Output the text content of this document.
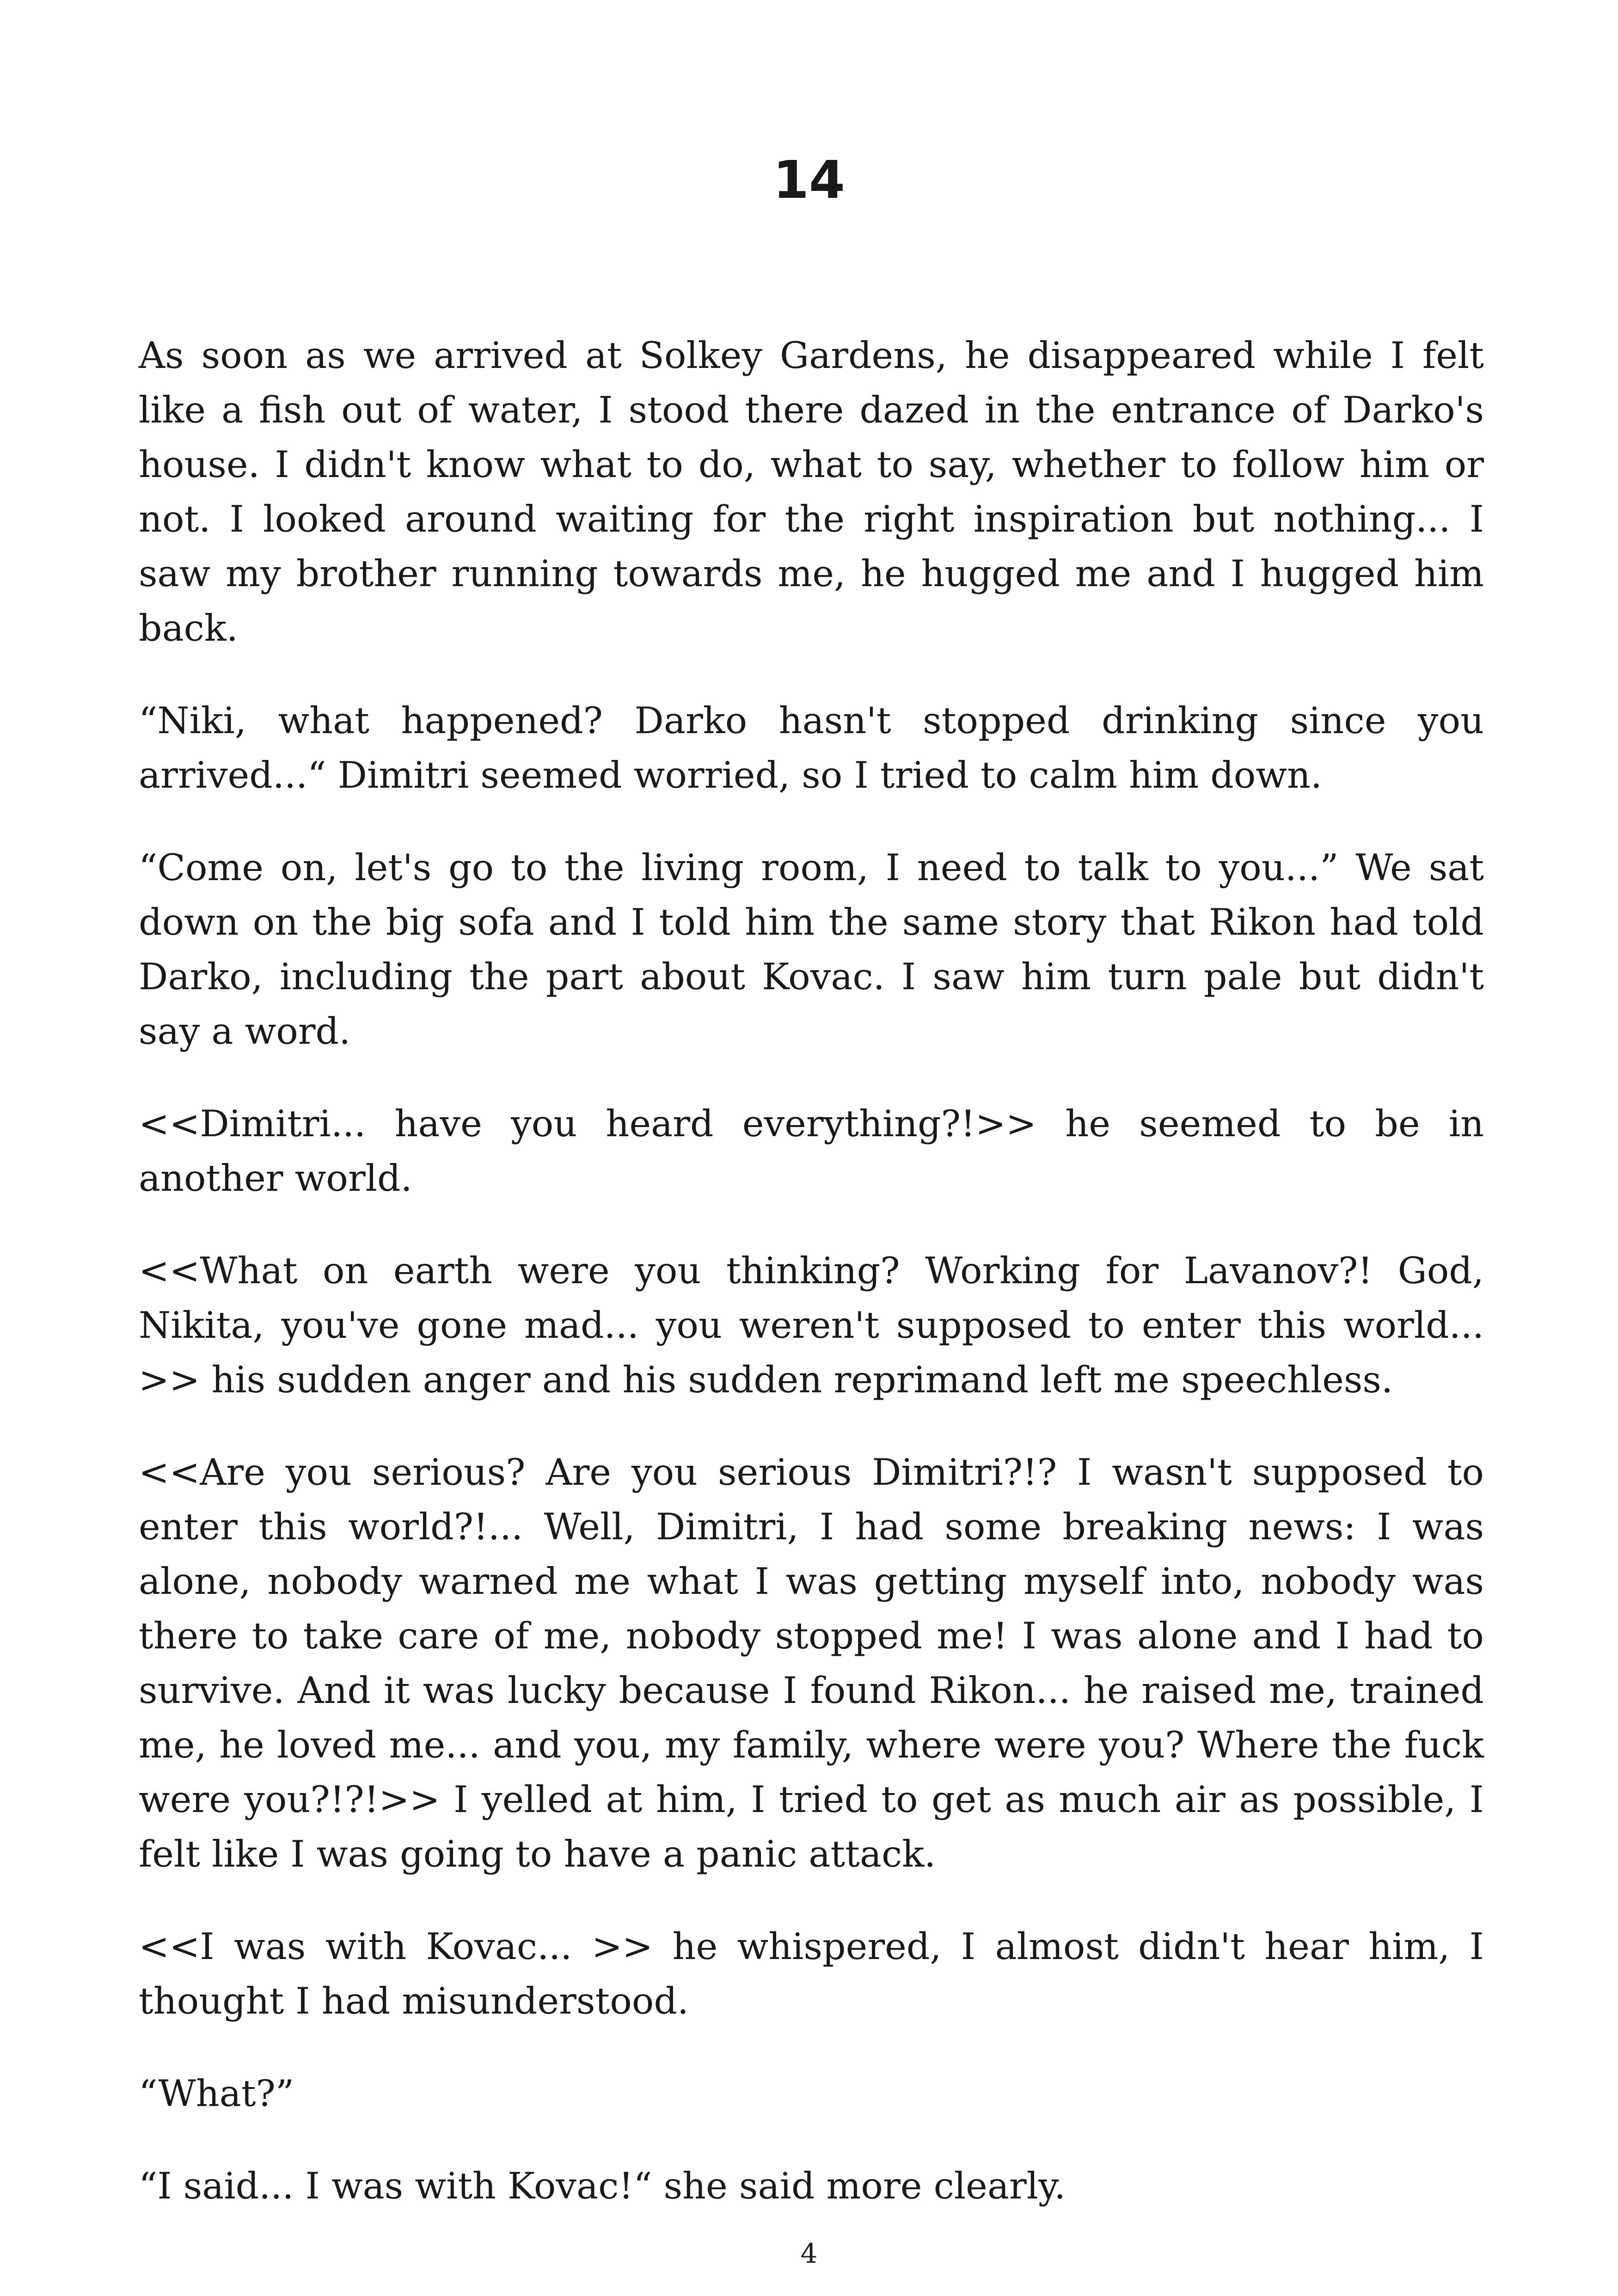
14

As soon as we arrived at Solkey Gardens, he disappeared while I felt like a fish out of water, I stood there dazed in the entrance of Darko's house. I didn't know what to do, what to say, whether to follow him or not. I looked around waiting for the right inspiration but nothing... I saw my brother running towards me, he hugged me and I hugged him back.

“Niki, what happened? Darko hasn't stopped drinking since you arrived...“ Dimitri seemed worried, so I tried to calm him down.

“Come on, let's go to the living room, I need to talk to you...” We sat down on the big sofa and I told him the same story that Rikon had told Darko, including the part about Kovac. I saw him turn pale but didn't say a word.

<<Dimitri... have you heard everything?!>> he seemed to be in another world.

<<What on earth were you thinking? Working for Lavanov?! God, Nikita, you've gone mad... you weren't supposed to enter this world... >> his sudden anger and his sudden reprimand left me speechless.

<<Are you serious? Are you serious Dimitri?!? I wasn't supposed to enter this world?!... Well, Dimitri, I had some breaking news: I was alone, nobody warned me what I was getting myself into, nobody was there to take care of me, nobody stopped me! I was alone and I had to survive. And it was lucky because I found Rikon... he raised me, trained me, he loved me... and you, my family, where were you? Where the fuck were you?!?!>> I yelled at him, I tried to get as much air as possible, I felt like I was going to have a panic attack.

<<I was with Kovac... >> he whispered, I almost didn't hear him, I thought I had misunderstood.

“What?”

“I said... I was with Kovac!“ she said more clearly.

4
